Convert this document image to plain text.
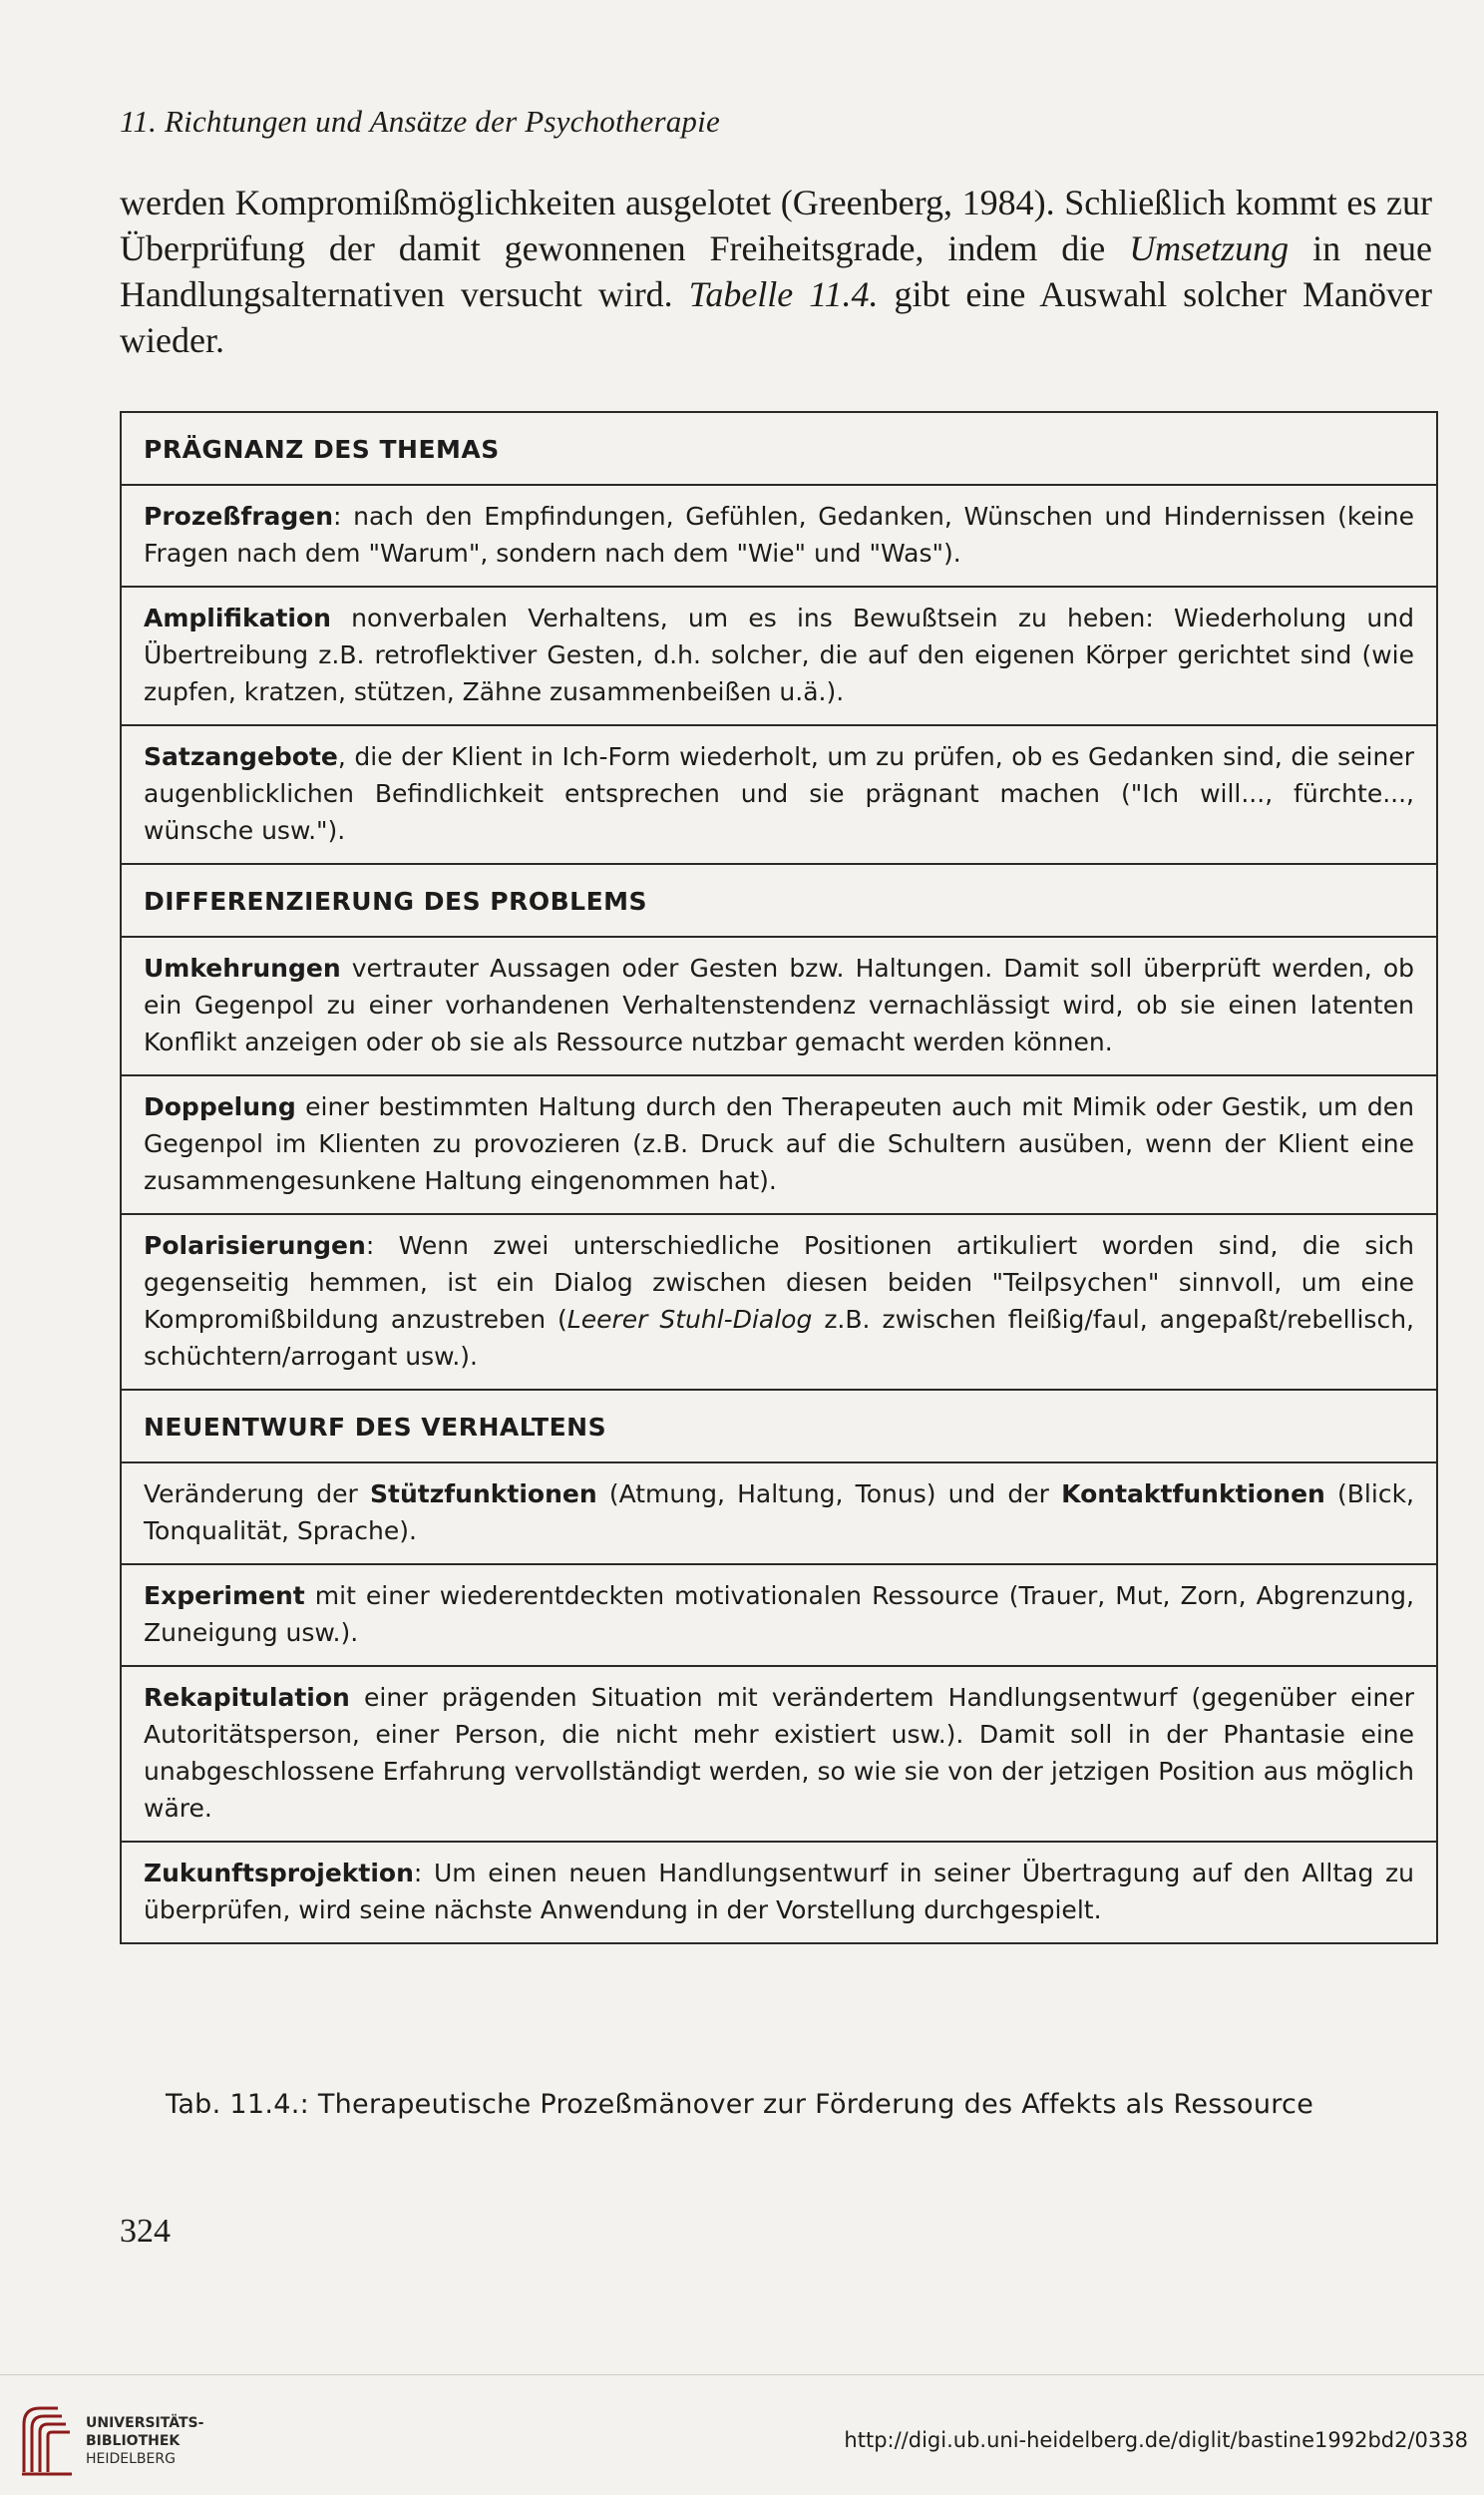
11. Richtungen und Ansätze der Psychotherapie

werden Kompromißmöglichkeiten ausgelotet (Greenberg, 1984). Schließlich kommt es zur Überprüfung der damit gewonnenen Freiheitsgrade, indem die Umsetzung in neue Handlungsalternativen versucht wird. Tabelle 11.4. gibt eine Auswahl solcher Manöver wieder.

PRÄGNANZ DES THEMAS
Prozeßfragen: nach den Empfindungen, Gefühlen, Gedanken, Wünschen und Hindernissen (keine Fragen nach dem "Warum", sondern nach dem "Wie" und "Was").
Amplifikation nonverbalen Verhaltens, um es ins Bewußtsein zu heben: Wiederholung und Übertreibung z.B. retroflektiver Gesten, d.h. solcher, die auf den eigenen Körper gerichtet sind (wie zupfen, kratzen, stützen, Zähne zusammenbeißen u.ä.).
Satzangebote, die der Klient in Ich-Form wiederholt, um zu prüfen, ob es Gedanken sind, die seiner augenblicklichen Befindlichkeit entsprechen und sie prägnant machen ("Ich will..., fürchte..., wünsche usw.").
DIFFERENZIERUNG DES PROBLEMS
Umkehrungen vertrauter Aussagen oder Gesten bzw. Haltungen. Damit soll überprüft werden, ob ein Gegenpol zu einer vorhandenen Verhaltenstendenz vernachlässigt wird, ob sie einen latenten Konflikt anzeigen oder ob sie als Ressource nutzbar gemacht werden können.
Doppelung einer bestimmten Haltung durch den Therapeuten auch mit Mimik oder Gestik, um den Gegenpol im Klienten zu provozieren (z.B. Druck auf die Schultern ausüben, wenn der Klient eine zusammengesunkene Haltung eingenommen hat).
Polarisierungen: Wenn zwei unterschiedliche Positionen artikuliert worden sind, die sich gegenseitig hemmen, ist ein Dialog zwischen diesen beiden "Teilpsychen" sinnvoll, um eine Kompromißbildung anzustreben (Leerer Stuhl-Dialog z.B. zwischen fleißig/faul, angepaßt/rebellisch, schüchtern/arrogant usw.).
NEUENTWURF DES VERHALTENS
Veränderung der Stützfunktionen (Atmung, Haltung, Tonus) und der Kontaktfunktionen (Blick, Tonqualität, Sprache).
Experiment mit einer wiederentdeckten motivationalen Ressource (Trauer, Mut, Zorn, Abgrenzung, Zuneigung usw.).
Rekapitulation einer prägenden Situation mit verändertem Handlungsentwurf (gegenüber einer Autoritätsperson, einer Person, die nicht mehr existiert usw.). Damit soll in der Phantasie eine unabgeschlossene Erfahrung vervollständigt werden, so wie sie von der jetzigen Position aus möglich wäre.
Zukunftsprojektion: Um einen neuen Handlungsentwurf in seiner Übertragung auf den Alltag zu überprüfen, wird seine nächste Anwendung in der Vorstellung durchgespielt.
Tab. 11.4.: Therapeutische Prozeßmänover zur Förderung des Affekts als Ressource
324
UNIVERSITÄTS-
BIBLIOTHEK
HEIDELBERG
http://digi.ub.uni-heidelberg.de/diglit/bastine1992bd2/0338
